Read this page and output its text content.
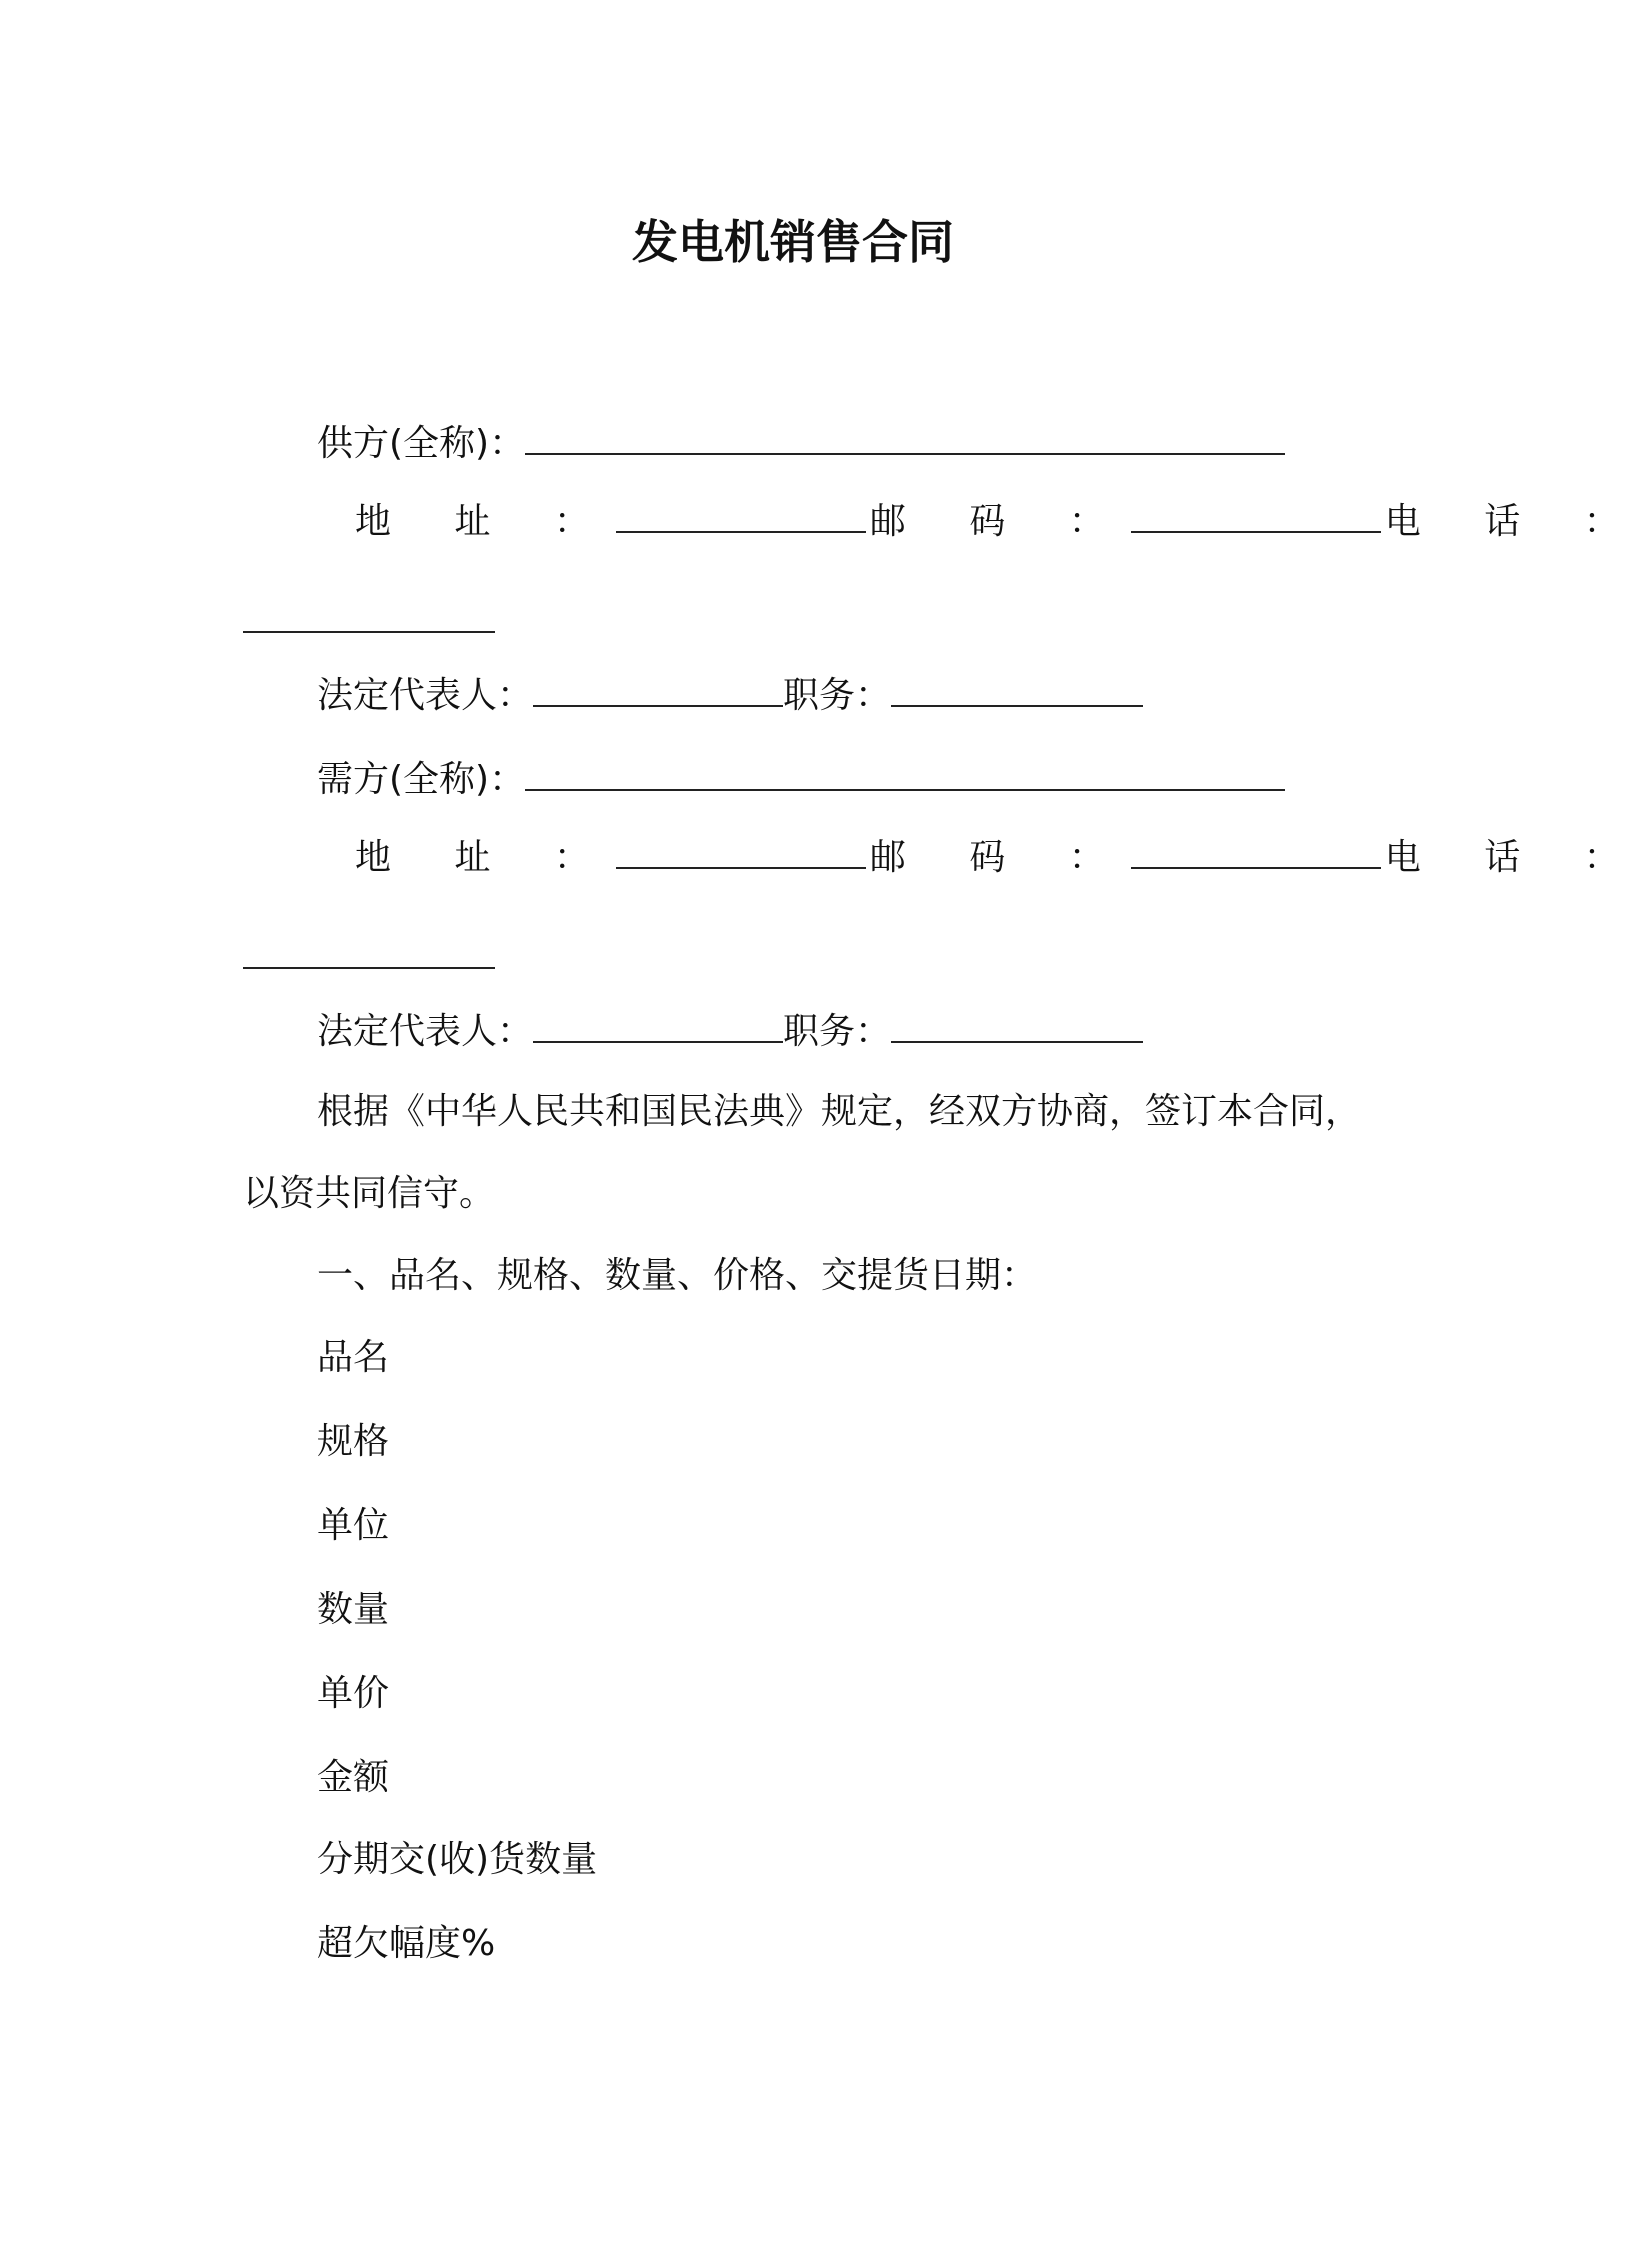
发电机销售合同
供方(全称)：
地 址 ：	邮 码 ：	电 话 ：
法定代表人：	职务：
需方(全称)：
地 址 ：	邮 码 ：	电 话 ：
法定代表人：	职务：
根据《中华人民共和国民法典》规定，经双方协商，签订本合同，
以资共同信守。
一、品名、规格、数量、价格、交提货日期：
品名
规格
单位
数量
单价
金额
分期交(收)货数量
超欠幅度%
